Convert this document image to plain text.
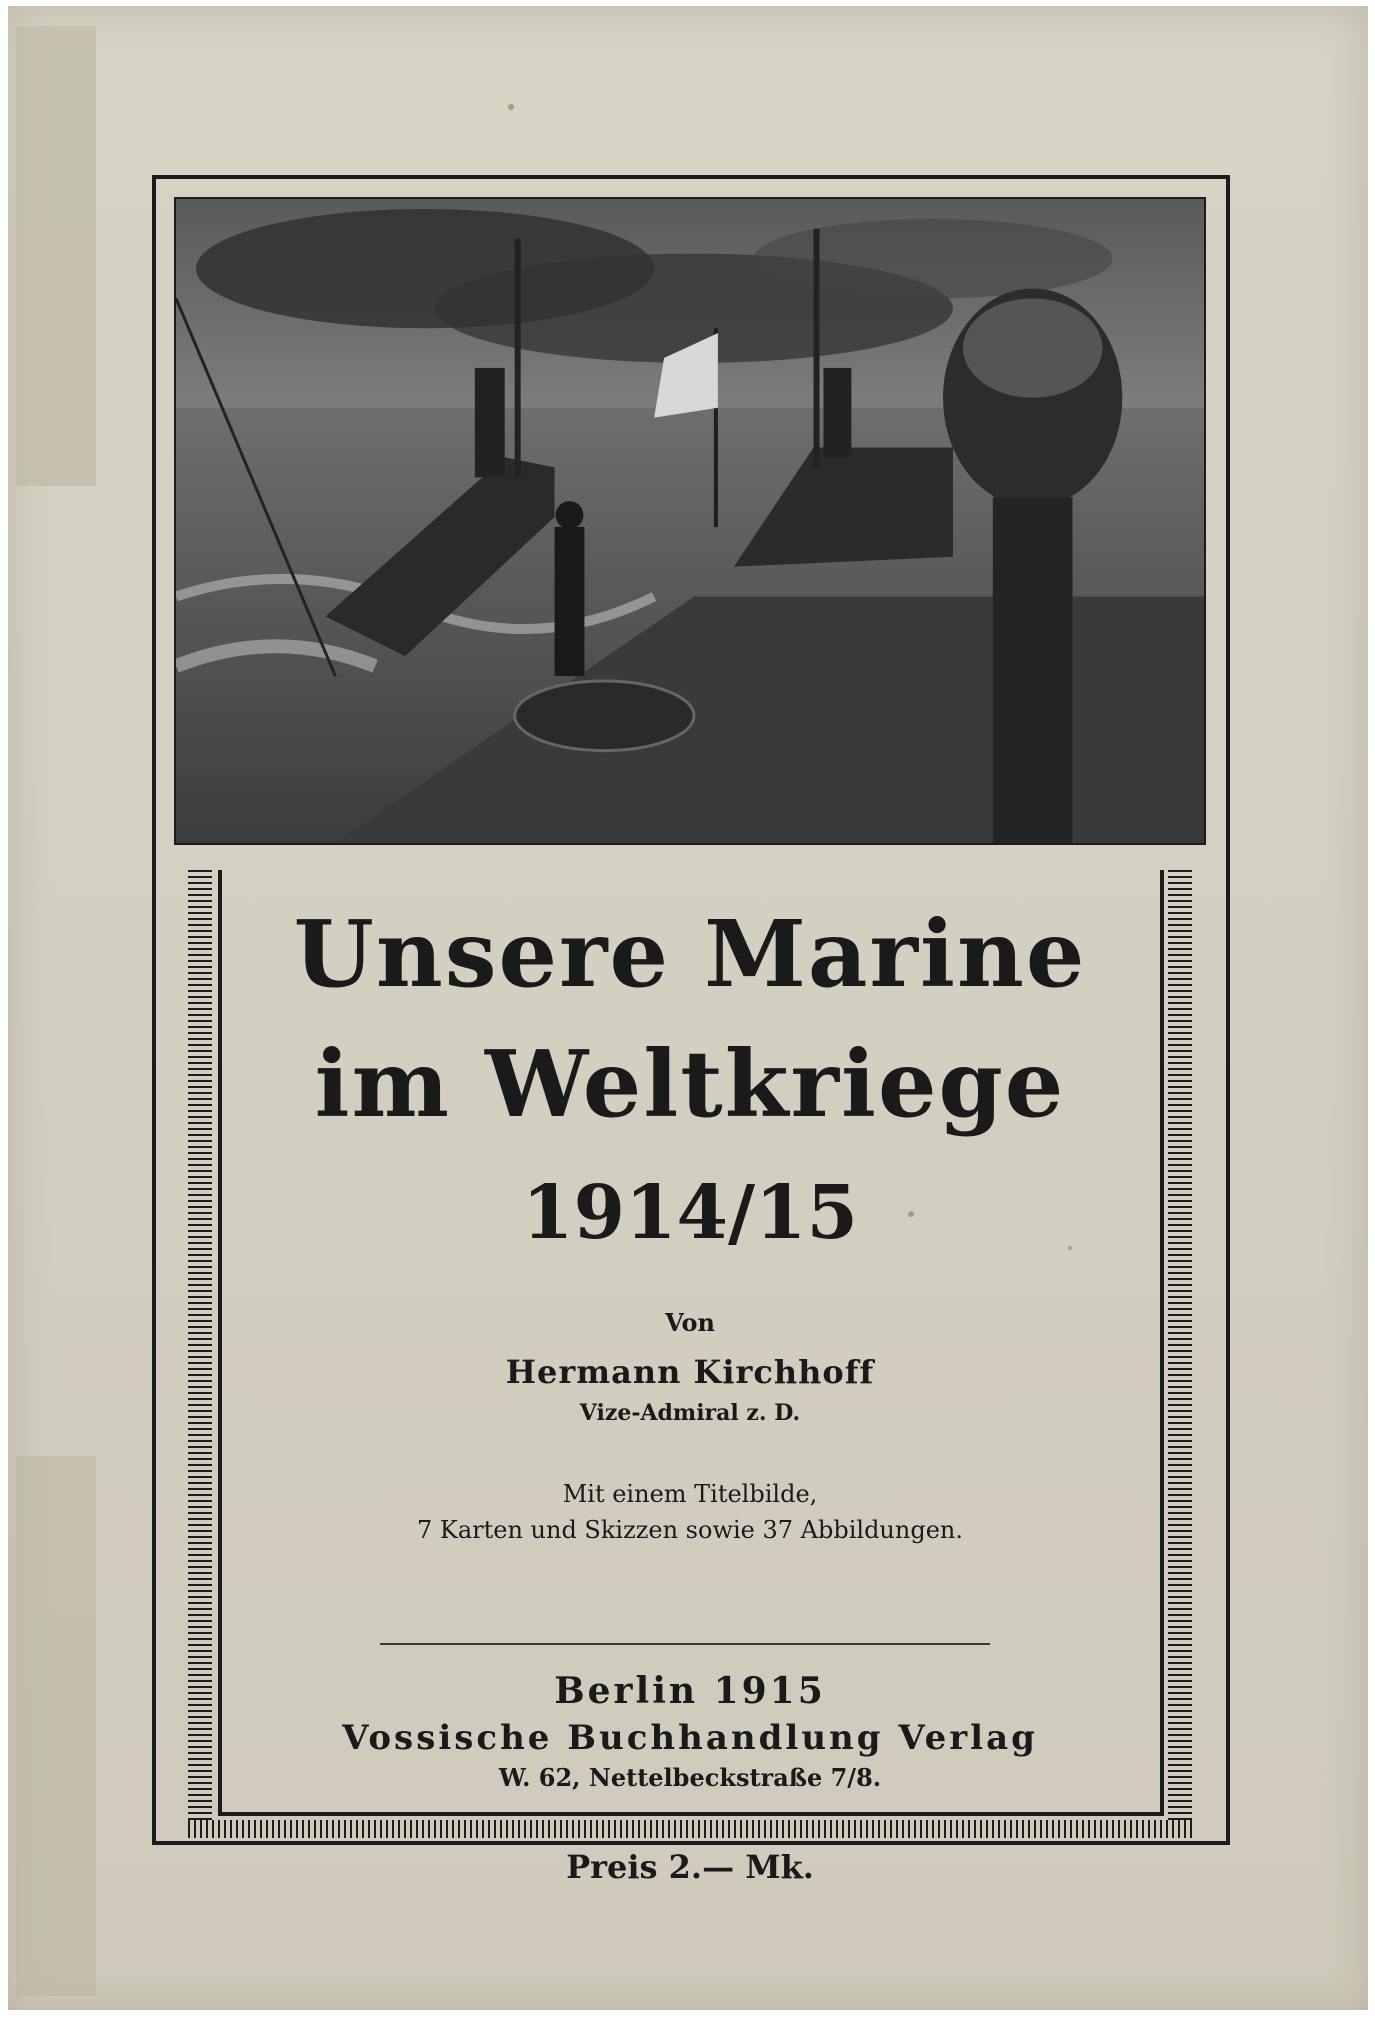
Unsere Marine
im Weltkriege
1914/15
Von
Hermann Kirchhoff
Vize-Admiral z. D.
Mit einem Titelbilde,
7 Karten und Skizzen sowie 37 Abbildungen.
Berlin 1915
Vossische Buchhandlung Verlag
W. 62, Nettelbeckstraße 7/8.
Preis 2.— Mk.
